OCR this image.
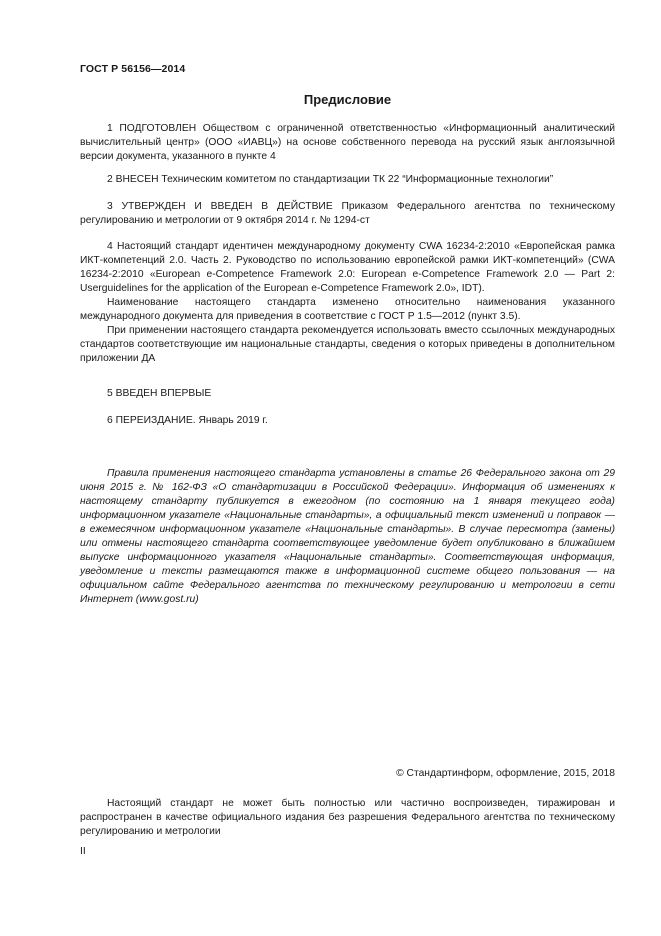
ГОСТ Р 56156—2014
Предисловие

1 ПОДГОТОВЛЕН Обществом с ограниченной ответственностью «Информационный аналитический вычислительный центр» (ООО «ИАВЦ») на основе собственного перевода на русский язык англоязычной версии документа, указанного в пункте 4

2 ВНЕСЕН Техническим комитетом по стандартизации ТК 22 “Информационные технологии”

3 УТВЕРЖДЕН И ВВЕДЕН В ДЕЙСТВИЕ Приказом Федерального агентства по техническому регулированию и метрологии от 9 октября 2014 г. № 1294-ст

4 Настоящий стандарт идентичен международному документу CWA 16234-2:2010 «Европейская рамка ИКТ-компетенций 2.0. Часть 2. Руководство по использованию европейской рамки ИКТ-компетенций» (CWA 16234-2:2010 «European e-Competence Framework 2.0: European e-Competence Framework 2.0 — Part 2: Userguidelines for the application of the European e-Competence Framework 2.0», IDT).

Наименование настоящего стандарта изменено относительно наименования указанного международного документа для приведения в соответствие с ГОСТ Р 1.5—2012 (пункт 3.5).

При применении настоящего стандарта рекомендуется использовать вместо ссылочных международных стандартов соответствующие им национальные стандарты, сведения о которых приведены в дополнительном приложении ДА

5 ВВЕДЕН ВПЕРВЫЕ

6 ПЕРЕИЗДАНИЕ. Январь 2019 г.

Правила применения настоящего стандарта установлены в статье 26 Федерального закона от 29 июня 2015 г. № 162-ФЗ «О стандартизации в Российской Федерации». Информация об изменениях к настоящему стандарту публикуется в ежегодном (по состоянию на 1 января текущего года) информационном указателе «Национальные стандарты», а официальный текст изменений и поправок — в ежемесячном информационном указателе «Национальные стандарты». В случае пересмотра (замены) или отмены настоящего стандарта соответствующее уведомление будет опубликовано в ближайшем выпуске информационного указателя «Национальные стандарты». Соответствующая информация, уведомление и тексты размещаются также в информационной системе общего пользования — на официальном сайте Федерального агентства по техническому регулированию и метрологии в сети Интернет (www.gost.ru)
© Стандартинформ, оформление, 2015, 2018
Настоящий стандарт не может быть полностью или частично воспроизведен, тиражирован и распространен в качестве официального издания без разрешения Федерального агентства по техническому регулированию и метрологии
II
